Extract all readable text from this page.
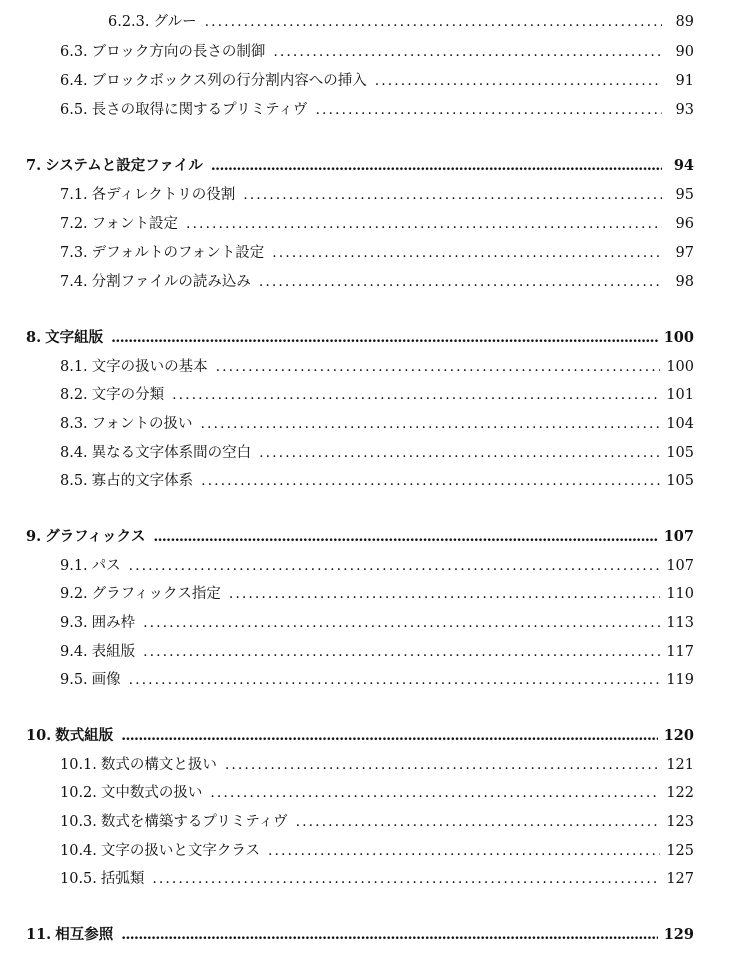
6.2.3. グルー . . .	89
6.3. ブロック方向の長さの制御 . . .	90
6.4. ブロックボックス列の行分割内容への挿入 . . .	91
6.5. 長さの取得に関するプリミティヴ . . .	93
7. システムと設定ファイル .....	94
7.1. 各ディレクトリの役割 . . .	95
7.2. フォント設定 . . .	96
7.3. デフォルトのフォント設定 . . .	97
7.4. 分割ファイルの読み込み . . .	98
8. 文字組版 .....	100
8.1. 文字の扱いの基本 . . .	100
8.2. 文字の分類 . . .	101
8.3. フォントの扱い . . .	104
8.4. 異なる文字体系間の空白 . . .	105
8.5. 寡占的文字体系 . . .	105
9. グラフィックス .....	107
9.1. パス . . .	107
9.2. グラフィックス指定 . . .	110
9.3. 囲み枠 . . .	113
9.4. 表組版 . . .	117
9.5. 画像 . . .	119
10. 数式組版 .....	120
10.1. 数式の構文と扱い . . .	121
10.2. 文中数式の扱い . . .	122
10.3. 数式を構築するプリミティヴ . . .	123
10.4. 文字の扱いと文字クラス . . .	125
10.5. 括弧類 . . .	127
11. 相互参照 .....	129
